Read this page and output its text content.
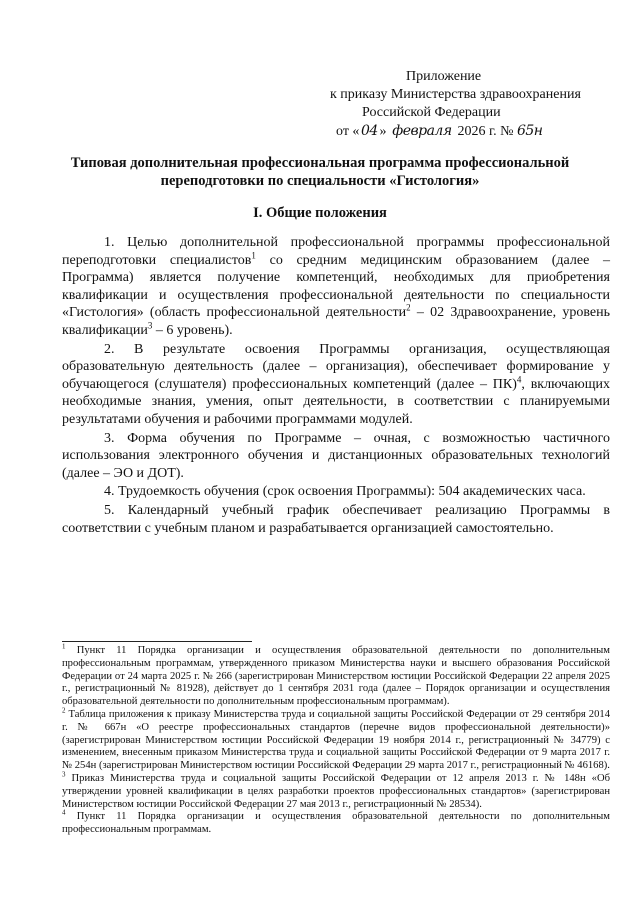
Приложение
к приказу Министерства здравоохранения
Российской Федерации
от « 04 » февраля 2026 г. № 65н
Типовая дополнительная профессиональная программа профессиональной переподготовки по специальности «Гистология»
I. Общие положения

1. Целью дополнительной профессиональной программы профессиональной переподготовки специалистов$^1$ со средним медицинским образованием (далее – Программа) является получение компетенций, необходимых для приобретения квалификации и осуществления профессиональной деятельности по специальности «Гистология» (область профессиональной деятельности$^2$ – 02 Здравоохранение, уровень квалификации$^3$ – 6 уровень).

2. В результате освоения Программы организация, осуществляющая образовательную деятельность (далее – организация), обеспечивает формирование у обучающегося (слушателя) профессиональных компетенций (далее – ПК)$^4$, включающих необходимые знания, умения, опыт деятельности, в соответствии с планируемыми результатами обучения и рабочими программами модулей.

3. Форма обучения по Программе – очная, с возможностью частичного использования электронного обучения и дистанционных образовательных технологий (далее – ЭО и ДОТ).

4. Трудоемкость обучения (срок освоения Программы): 504 академических часа.

5. Календарный учебный график обеспечивает реализацию Программы в соответствии с учебным планом и разрабатывается организацией самостоятельно.

$^1$ Пункт 11 Порядка организации и осуществления образовательной деятельности по дополнительным профессиональным программам, утвержденного приказом Министерства науки и высшего образования Российской Федерации от 24 марта 2025 г. № 266 (зарегистрирован Министерством юстиции Российской Федерации 22 апреля 2025 г., регистрационный № 81928), действует до 1 сентября 2031 года (далее – Порядок организации и осуществления образовательной деятельности по дополнительным профессиональным программам).

$^2$ Таблица приложения к приказу Министерства труда и социальной защиты Российской Федерации от 29 сентября 2014 г. № 667н «О реестре профессиональных стандартов (перечне видов профессиональной деятельности)» (зарегистрирован Министерством юстиции Российской Федерации 19 ноября 2014 г., регистрационный № 34779) с изменением, внесенным приказом Министерства труда и социальной защиты Российской Федерации от 9 марта 2017 г. № 254н (зарегистрирован Министерством юстиции Российской Федерации 29 марта 2017 г., регистрационный № 46168).

$^3$ Приказ Министерства труда и социальной защиты Российской Федерации от 12 апреля 2013 г. № 148н «Об утверждении уровней квалификации в целях разработки проектов профессиональных стандартов» (зарегистрирован Министерством юстиции Российской Федерации 27 мая 2013 г., регистрационный № 28534).

$^4$ Пункт 11 Порядка организации и осуществления образовательной деятельности по дополнительным профессиональным программам.
